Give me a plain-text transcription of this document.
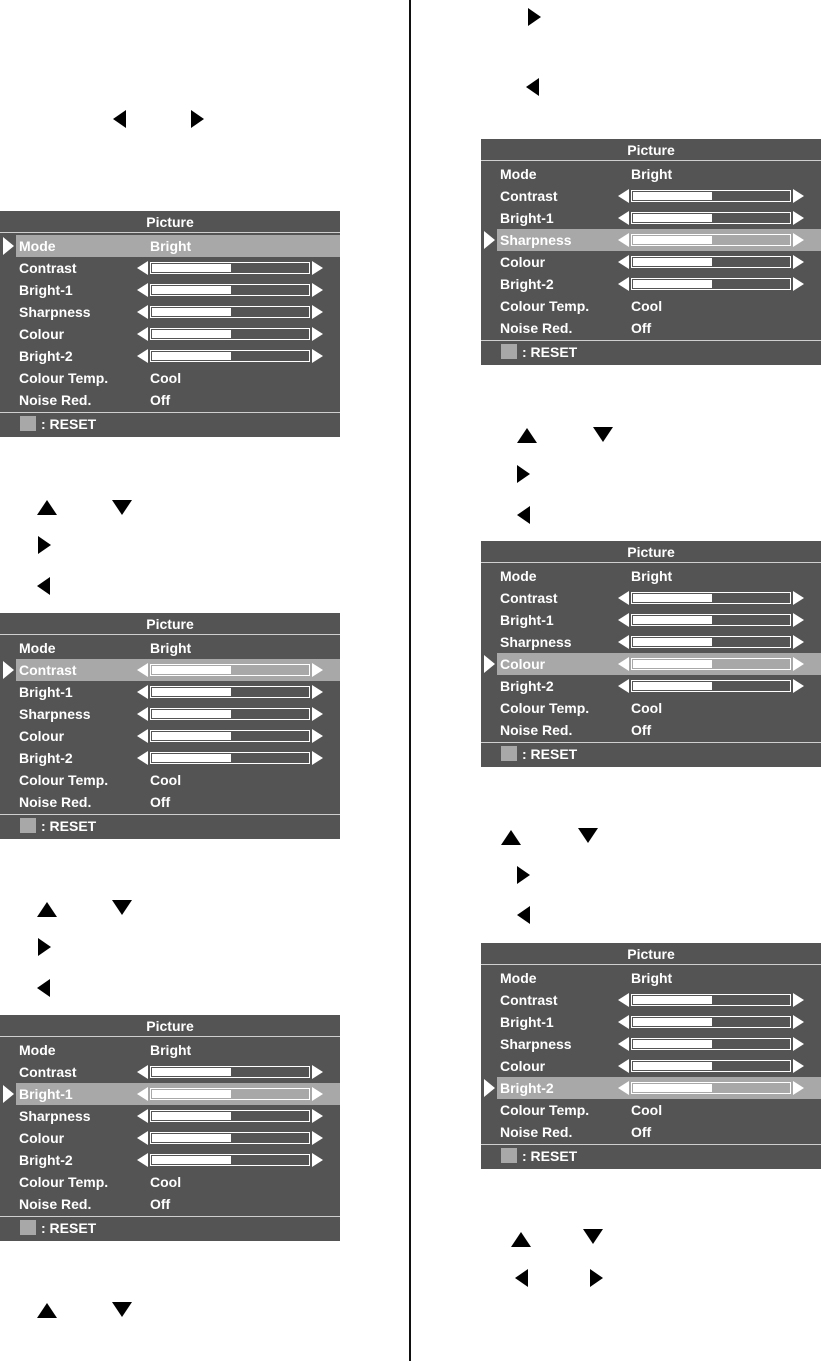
Picture
Mode	Bright
Contrast
Bright-1
Sharpness
Colour
Bright-2
Colour Temp.	Cool
Noise Red.	Off
: RESET
Picture
Mode	Bright
Contrast
Bright-1
Sharpness
Colour
Bright-2
Colour Temp.	Cool
Noise Red.	Off
: RESET
Picture
Mode	Bright
Contrast
Bright-1
Sharpness
Colour
Bright-2
Colour Temp.	Cool
Noise Red.	Off
: RESET
Picture
Mode	Bright
Contrast
Bright-1
Sharpness
Colour
Bright-2
Colour Temp.	Cool
Noise Red.	Off
: RESET
Picture
Mode	Bright
Contrast
Bright-1
Sharpness
Colour
Bright-2
Colour Temp.	Cool
Noise Red.	Off
: RESET
Picture
Mode	Bright
Contrast
Bright-1
Sharpness
Colour
Bright-2
Colour Temp.	Cool
Noise Red.	Off
: RESET
